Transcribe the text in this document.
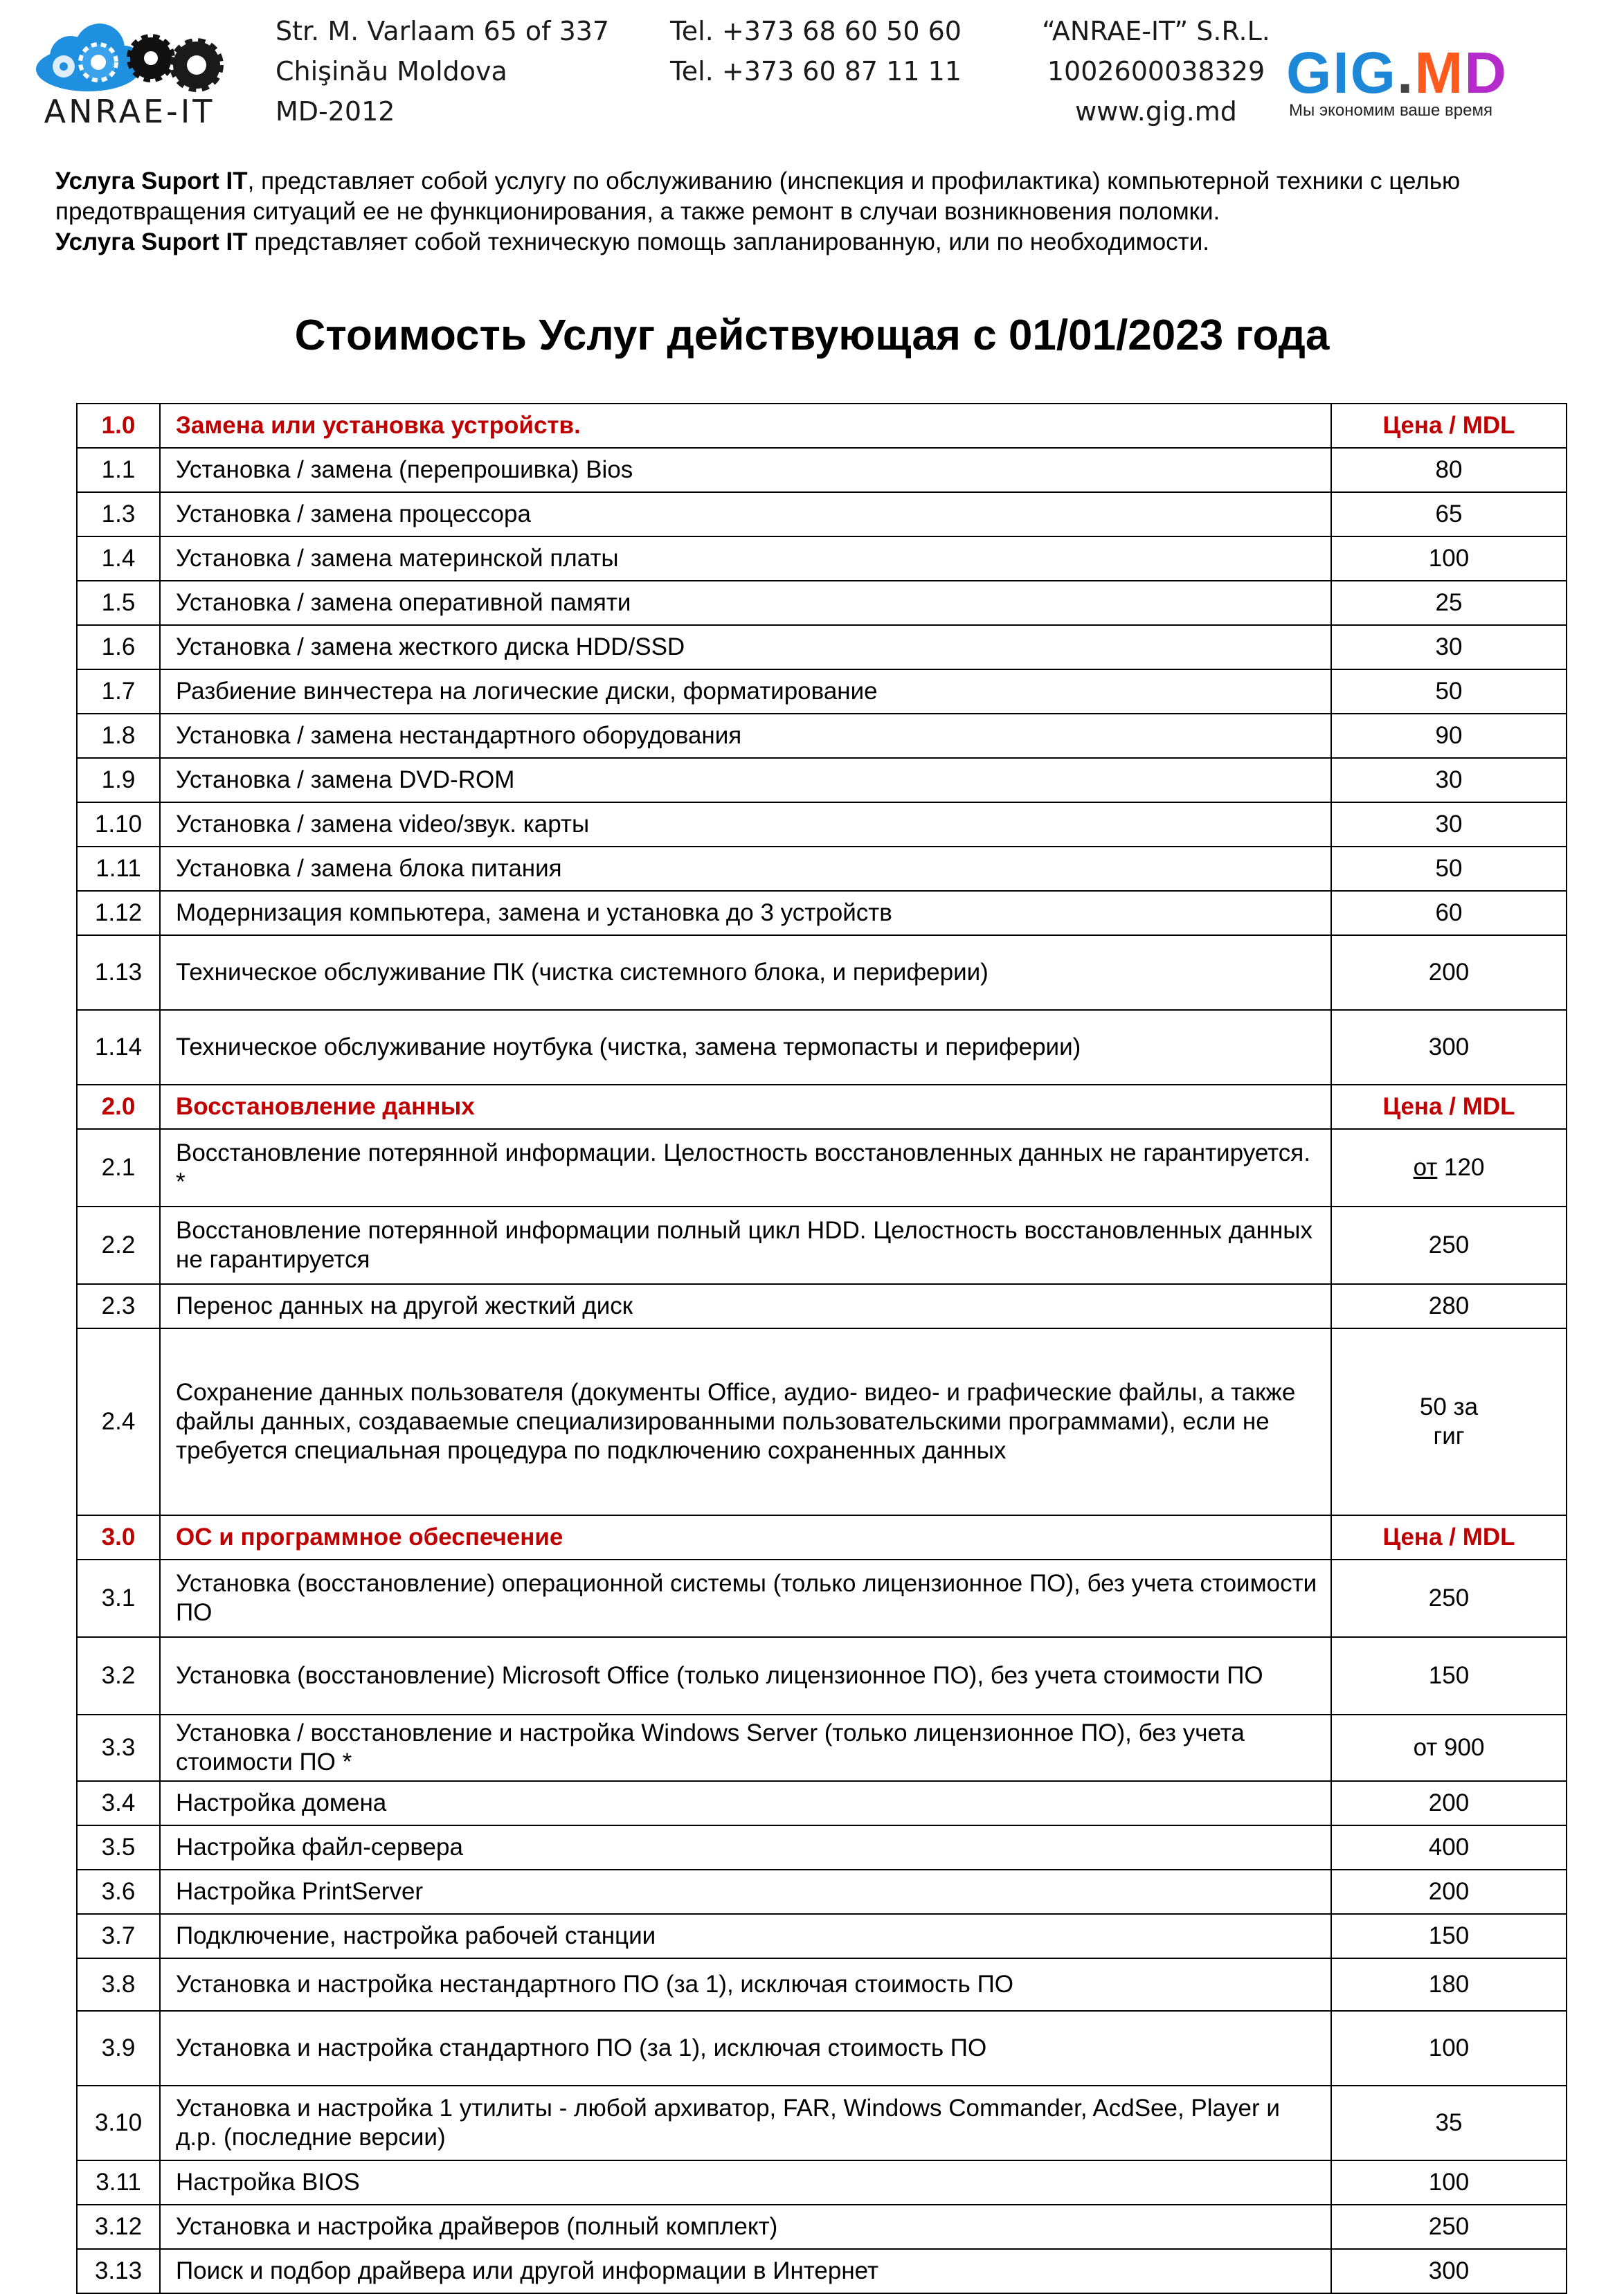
ANRAE-IT
Str. M. Varlaam 65 of 337
Chişinău Moldova
MD-2012
Tel. +373 68 60 50 60
Tel. +373 60 87 11 11
“ANRAE-IT” S.R.L.
1002600038329
www.gig.md
GIG.MD
Мы экономим ваше время

Услуга Suport IT, представляет собой услугу по обслуживанию (инспекция и профилактика) компьютерной техники с целью предотвращения ситуаций ее не функционирования, а также ремонт в случаи возникновения поломки.

Услуга Suport IT представляет собой техническую помощь запланированную, или по необходимости.

Стоимость Услуг действующая с 01/01/2023 года
1.0	Замена или установка устройств.	Цена / MDL
1.1	Установка / замена (перепрошивка) Bios	80
1.3	Установка / замена процессора	65
1.4	Установка / замена материнской платы	100
1.5	Установка / замена оперативной памяти	25
1.6	Установка / замена жесткого диска HDD/SSD	30
1.7	Разбиение винчестера на логические диски, форматирование	50
1.8	Установка / замена нестандартного оборудования	90
1.9	Установка / замена DVD-ROM	30
1.10	Установка / замена video/звук. карты	30
1.11	Установка / замена блока питания	50
1.12	Модернизация компьютера, замена и установка до 3 устройств	60
1.13	Техническое обслуживание ПК (чистка системного блока, и периферии)	200
1.14	Техническое обслуживание ноутбука (чистка, замена термопасты и периферии)	300
2.0	Восстановление данных	Цена / MDL
2.1	Восстановление потерянной информации. Целостность восстановленных данных не гарантируется. *	от 120
2.2	Восстановление потерянной информации полный цикл HDD. Целостность восстановленных данных не гарантируется	250
2.3	Перенос данных на другой жесткий диск	280
2.4	Сохранение данных пользователя (документы Office, аудио- видео- и графические файлы, а также файлы данных, создаваемые специализированными пользовательскими программами), если не требуется специальная процедура по подключению сохраненных данных	50 за гиг
3.0	ОС и программное обеспечение	Цена / MDL
3.1	Установка (восстановление) операционной системы (только лицензионное ПО), без учета стоимости ПО	250
3.2	Установка (восстановление) Microsoft Office (только лицензионное ПО), без учета стоимости ПО	150
3.3	Установка / восстановление и настройка Windows Server (только лицензионное ПО), без учета стоимости ПО *	от 900
3.4	Настройка домена	200
3.5	Настройка файл-сервера	400
3.6	Настройка PrintServer	200
3.7	Подключение, настройка рабочей станции	150
3.8	Установка и настройка нестандартного ПО (за 1), исключая стоимость ПО	180
3.9	Установка и настройка стандартного ПО (за 1), исключая стоимость ПО	100
3.10	Установка и настройка 1 утилиты - любой архиватор, FAR, Windows Commander, AcdSee, Player и д.р. (последние версии)	35
3.11	Настройка BIOS	100
3.12	Установка и настройка драйверов (полный комплект)	250
3.13	Поиск и подбор драйвера или другой информации в Интернет	300
